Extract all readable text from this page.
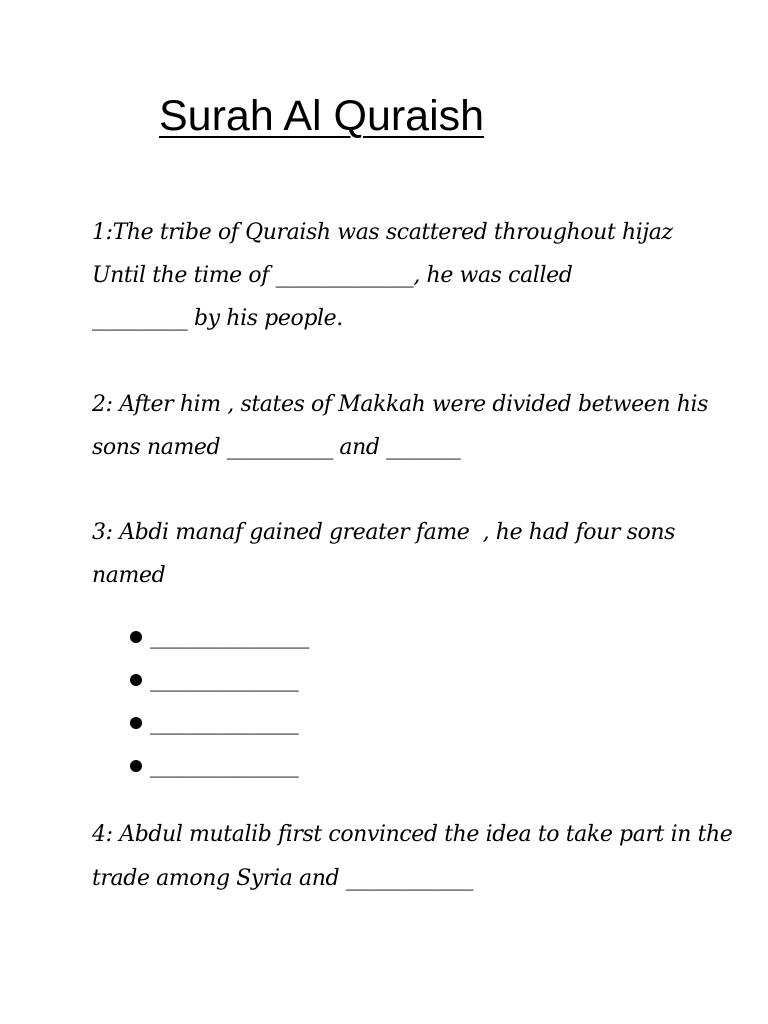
Surah Al Quraish

1:The tribe of Quraish was scattered throughout hijaz

Until the time of _____________, he was called

_________ by his people.

2: After him , states of Makkah were divided between his

sons named __________ and _______

3: Abdi manaf gained greater fame  , he had four sons

named

_______________

______________

______________

______________

4: Abdul mutalib first convinced the idea to take part in the

trade among Syria and ____________
